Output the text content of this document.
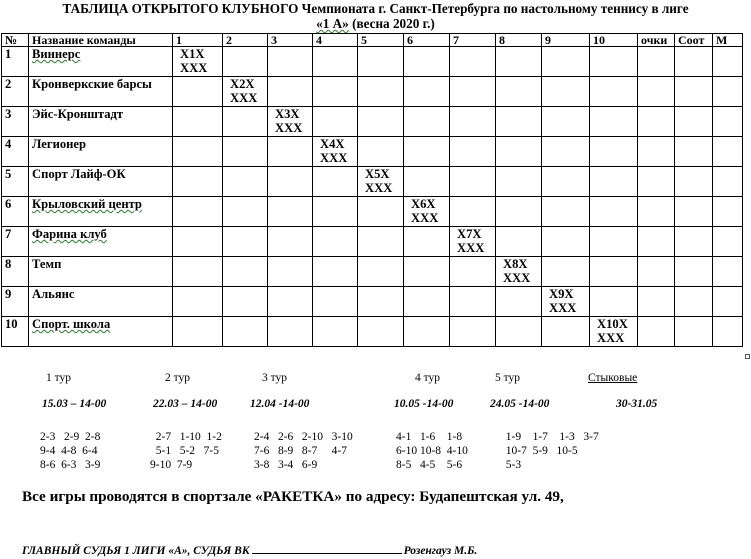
ТАБЛИЦА ОТКРЫТОГО КЛУБНОГО Чемпионата г. Санкт-Петербурга по настольному теннису в лиге
«1 А» (весна 2020 г.)
№	Название команды	1	2	3	4	5	6	7	8	9	10	очки	Соот	М
1	Виннерс	Х1Х
ХХХ												

2	Кронверкские барсы		Х2Х
ХХХ											

3	Эйс-Кронштадт			Х3Х
ХХХ										

4	Легионер				Х4Х
ХХХ									

5	Спорт Лайф-ОК					Х5Х
ХХХ								

6	Крыловский центр						Х6Х
ХХХ							

7	Фарина клуб							Х7Х
ХХХ						

8	Темп								Х8Х
ХХХ					

9	Альянс									Х9Х
ХХХ				

10	Спорт. школа										Х10Х
ХХХ			

1 тур
15.03 – 14-00
2-3   2-9  2-8
9-4  4-8  6-4
8-6  6-3   3-9
2 тур
22.03 – 14-00
2-7   1-10  1-2
5-1   5-2   7-5
9-10  7-9
3 тур
12.04 -14-00
2-4   2-6   2-10   3-10
7-6   8-9   8-7     4-7
3-8   3-4   6-9
4 тур
10.05 -14-00
4-1   1-6    1-8
6-10 10-8  4-10
8-5   4-5    5-6
5 тур
24.05 -14-00
1-9    1-7    1-3   3-7
10-7  5-9   10-5
5-3
Стыковые
30-31.05
Все игры проводятся в спортзале «РАКЕТКА» по адресу: Будапештская ул. 49,
ГЛАВНЫЙ СУДЬЯ 1 ЛИГИ «А», СУДЬЯ ВК	Розенгауз М.Б.
